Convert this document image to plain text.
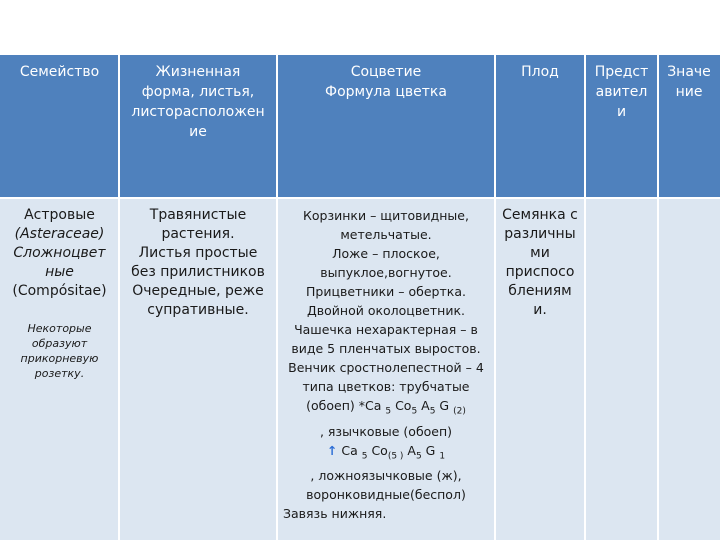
Семейство	Жизненная
форма, листья,
листорасположен
ие
Соцветие
Формула цветка
Плод	Предст
авител
и
Значе
ние
Астровые
(Asteraceae)
Сложноцвет
ные
(Compósitae)
Некоторые
образуют
прикорневую
розетку.
Травянистые
растения.
Листья простые
без прилистников
Очередные, реже
супративные.
Корзинки – щитовидные,
метельчатые.
Ложе – плоское,
выпуклое,вогнутое.
Прицветники – обертка.
Двойной околоцветник.
Чашечка нехарактерная – в
виде 5 пленчатых выростов.
Венчик сростнолепестной – 4
типа цветков: трубчатые
(обоеп) *Ca $_5$ $Co_5$ $A_5$ G $_{(2)}$
, язычковые (обоеп)
↑ Ca $_5$ $Co_{(5 )}$ $A_5$ G $_1$
, ложноязычковые (ж),
воронковидные(беспол)
Завязь нижняя.
Семянка с
различны
ми
приспосо
блениям
и.
